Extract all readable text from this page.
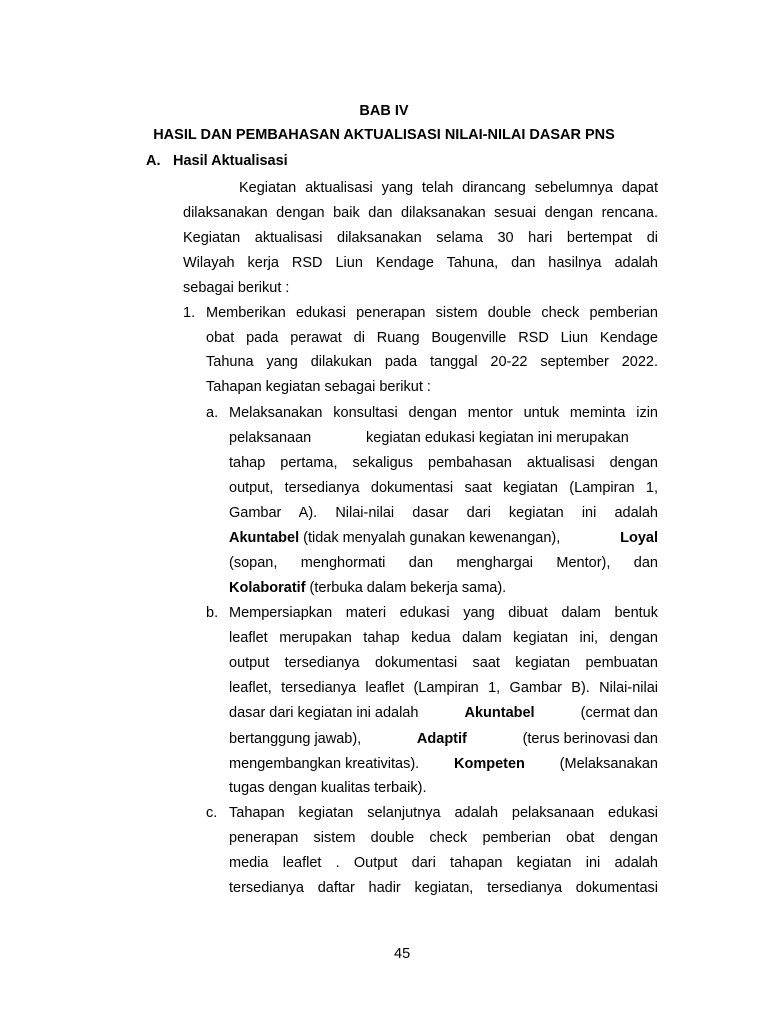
BAB IV
HASIL DAN PEMBAHASAN AKTUALISASI NILAI-NILAI DASAR PNS
A. Hasil Aktualisasi
Kegiatan aktualisasi yang telah dirancang sebelumnya dapat
dilaksanakan dengan baik dan dilaksanakan sesuai dengan rencana.
Kegiatan aktualisasi dilaksanakan selama 30 hari bertempat di
Wilayah kerja RSD Liun Kendage Tahuna, dan hasilnya adalah
sebagai berikut :
1. Memberikan edukasi penerapan sistem double check pemberian
obat pada perawat di Ruang Bougenville RSD Liun Kendage
Tahuna yang dilakukan pada tanggal 20-22 september 2022.
Tahapan kegiatan sebagai berikut :
a. Melaksanakan konsultasi dengan mentor untuk meminta izin
pelaksanaan	kegiatan edukasi kegiatan ini merupakan
tahap pertama, sekaligus pembahasan aktualisasi dengan
output, tersedianya dokumentasi saat kegiatan (Lampiran 1,
Gambar A). Nilai-nilai dasar dari kegiatan ini adalah
Akuntabel (tidak menyalah gunakan kewenangan),	Loyal
(sopan, menghormati dan menghargai Mentor), dan
Kolaboratif (terbuka dalam bekerja sama).
b. Mempersiapkan materi edukasi yang dibuat dalam bentuk
leaflet merupakan tahap kedua dalam kegiatan ini, dengan
output tersedianya dokumentasi saat kegiatan pembuatan
leaflet, tersedianya leaflet (Lampiran 1, Gambar B). Nilai-nilai
dasar dari kegiatan ini adalah	Akuntabel	(cermat dan
bertanggung jawab),	Adaptif	(terus berinovasi dan
mengembangkan kreativitas). Kompeten (Melaksanakan
tugas dengan kualitas terbaik).
c. Tahapan kegiatan selanjutnya adalah pelaksanaan edukasi
penerapan sistem double check pemberian obat dengan
media leaflet . Output dari tahapan kegiatan ini adalah
tersedianya daftar hadir kegiatan, tersedianya dokumentasi
45
